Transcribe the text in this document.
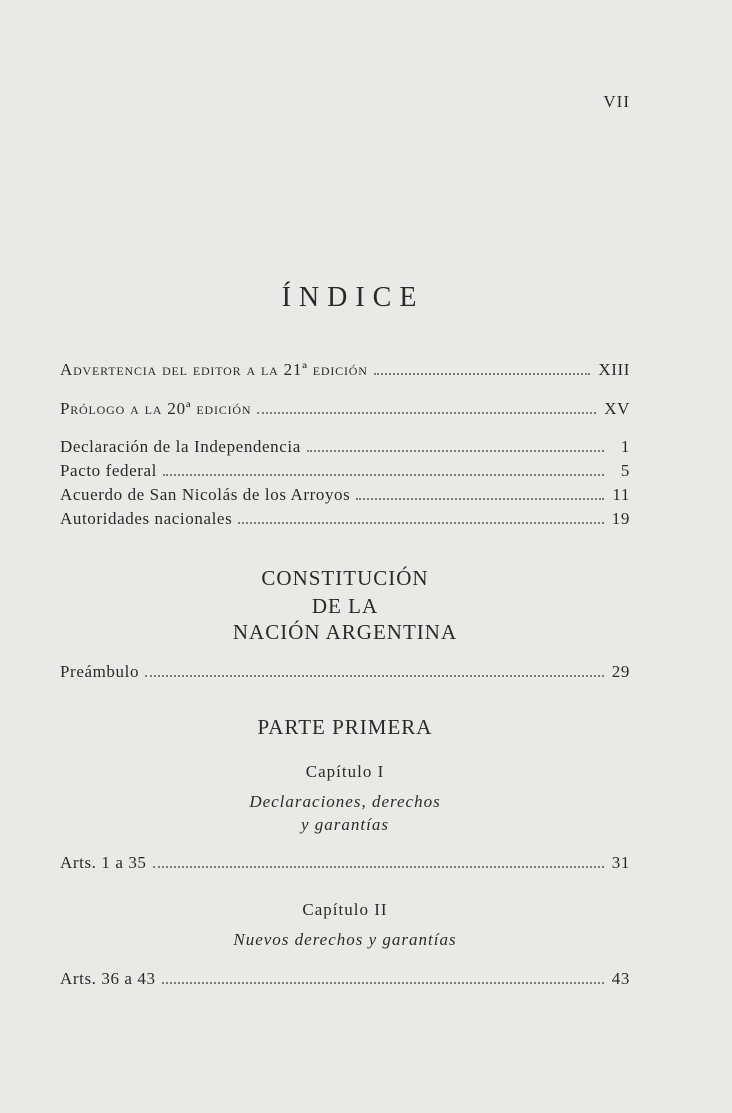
VII
ÍNDICE
Advertencia del editor a la 21ª edición	XIII
Prólogo a la 20ª edición	XV
Declaración de la Independencia	1
Pacto federal	5
Acuerdo de San Nicolás de los Arroyos	11
Autoridades nacionales	19
CONSTITUCIÓN
DE LA
NACIÓN ARGENTINA
Preámbulo	29
PARTE PRIMERA
Capítulo I
Declaraciones, derechos
y garantías
Arts. 1 a 35	31
Capítulo II
Nuevos derechos y garantías
Arts. 36 a 43	43
